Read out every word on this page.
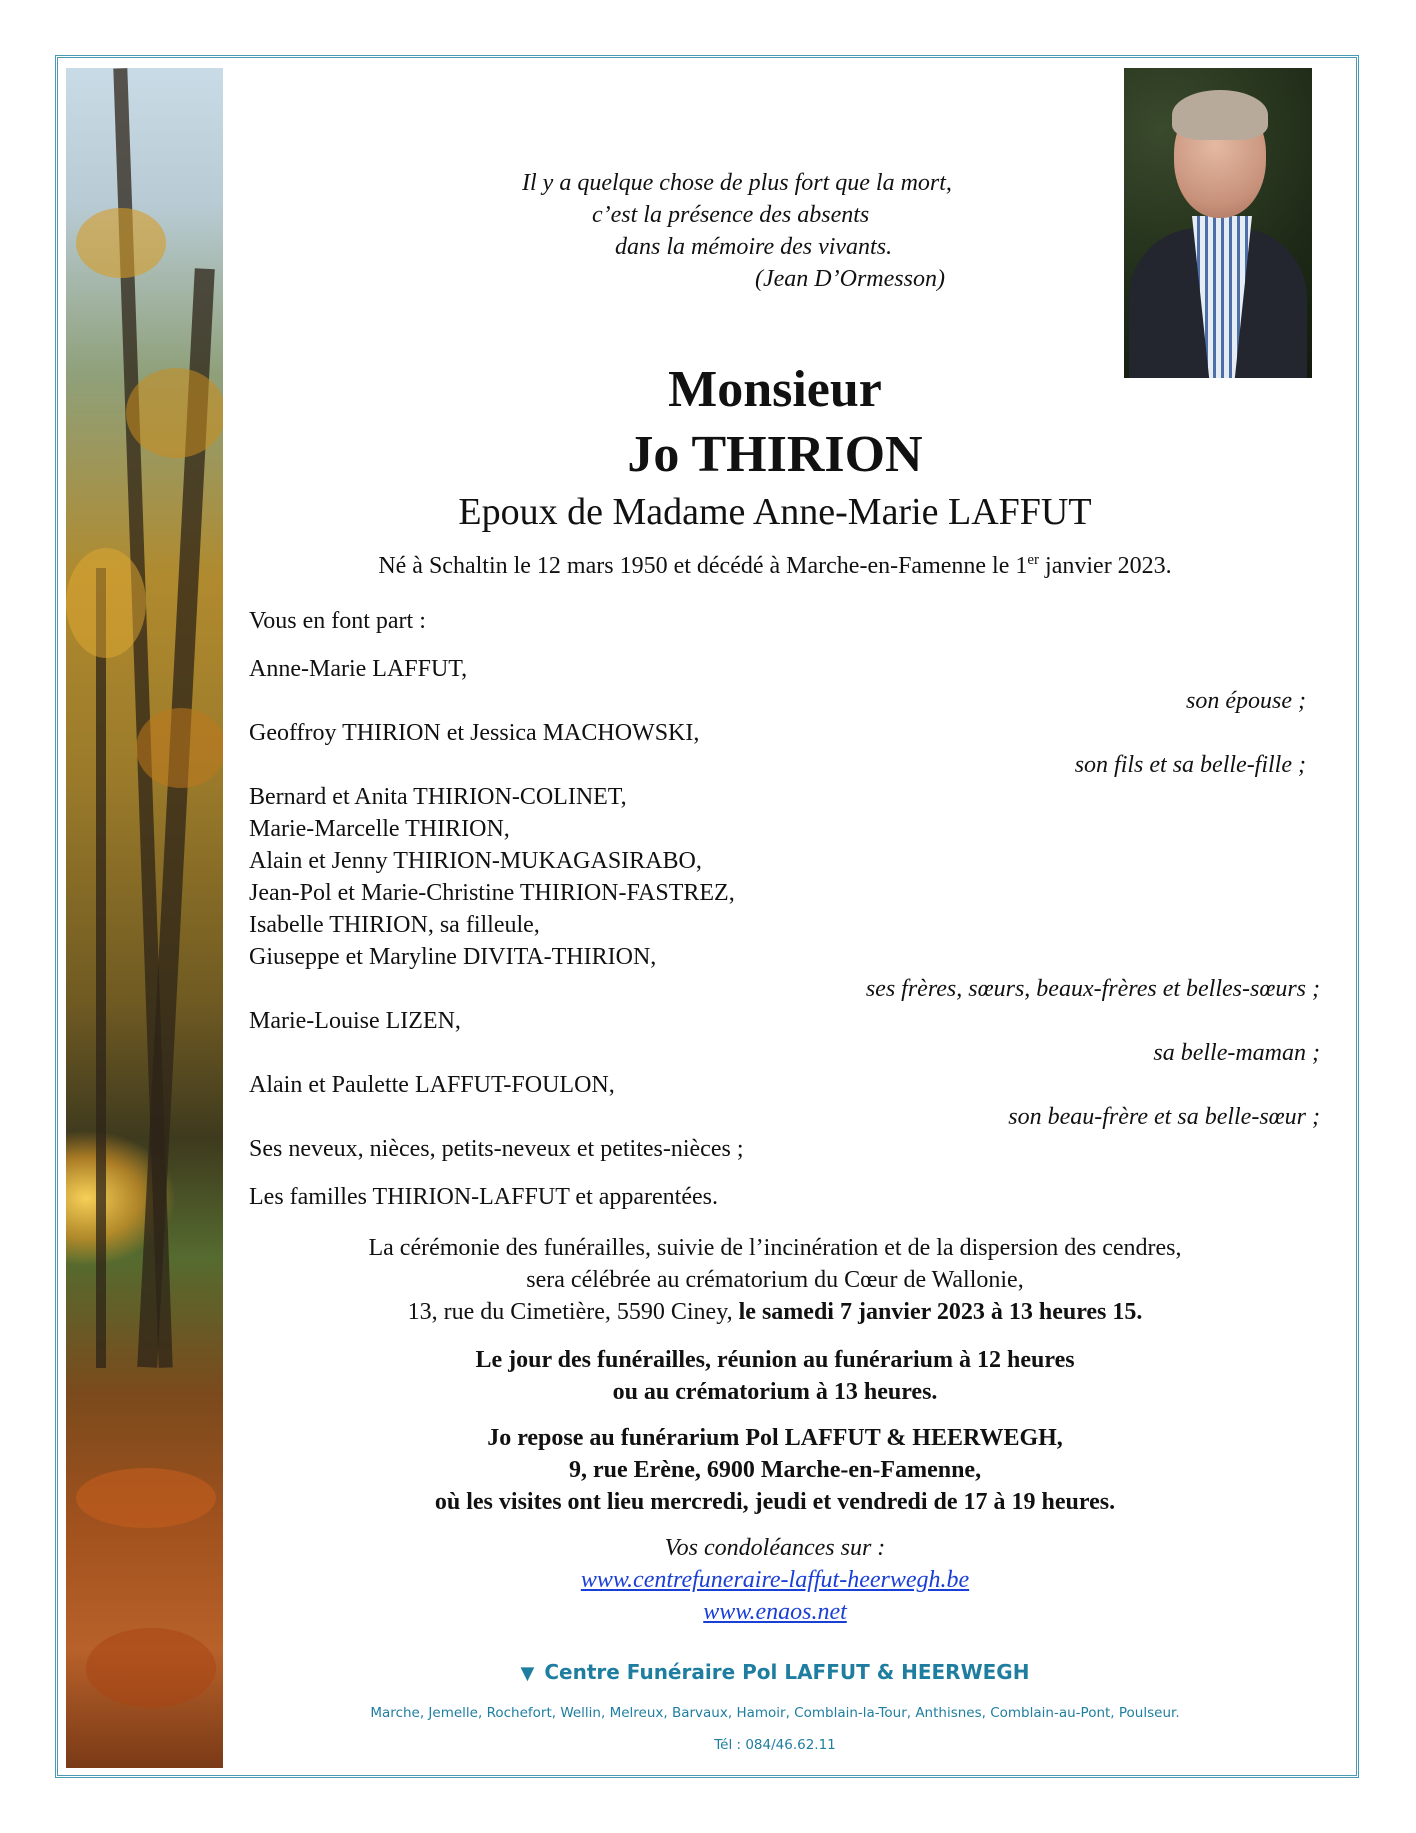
Il y a quelque chose de plus fort que la mort,
c’est la présence des absents
dans la mémoire des vivants.
(Jean D’Ormesson)
Monsieur
Jo THIRION
Epoux de Madame Anne-Marie LAFFUT
Né à Schaltin le 12 mars 1950 et décédé à Marche-en-Famenne le 1er janvier 2023.
Vous en font part :
Anne-Marie LAFFUT,
son épouse ;
Geoffroy THIRION et Jessica MACHOWSKI,
son fils et sa belle-fille ;
Bernard et Anita THIRION-COLINET,
Marie-Marcelle THIRION,
Alain et Jenny THIRION-MUKAGASIRABO,
Jean-Pol et Marie-Christine THIRION-FASTREZ,
Isabelle THIRION, sa filleule,
Giuseppe et Maryline DIVITA-THIRION,
ses frères, sœurs, beaux-frères et belles-sœurs ;
Marie-Louise LIZEN,
sa belle-maman ;
Alain et Paulette LAFFUT-FOULON,
son beau-frère et sa belle-sœur ;
Ses neveux, nièces, petits-neveux et petites-nièces ;
Les familles THIRION-LAFFUT et apparentées.
La cérémonie des funérailles, suivie de l’incinération et de la dispersion des cendres,
sera célébrée au crématorium du Cœur de Wallonie,
13, rue du Cimetière, 5590 Ciney, le samedi 7 janvier 2023 à 13 heures 15.
Le jour des funérailles, réunion au funérarium à 12 heures
ou au crématorium à 13 heures.
Jo repose au funérarium Pol LAFFUT & HEERWEGH,
9, rue Erène, 6900 Marche-en-Famenne,
où les visites ont lieu mercredi, jeudi et vendredi de 17 à 19 heures.
Vos condoléances sur :
www.centrefuneraire-laffut-heerwegh.be
www.enaos.net
▼ Centre Funéraire Pol LAFFUT & HEERWEGH
Marche, Jemelle, Rochefort, Wellin, Melreux, Barvaux, Hamoir, Comblain-la-Tour, Anthisnes, Comblain-au-Pont, Poulseur.
Tél : 084/46.62.11
